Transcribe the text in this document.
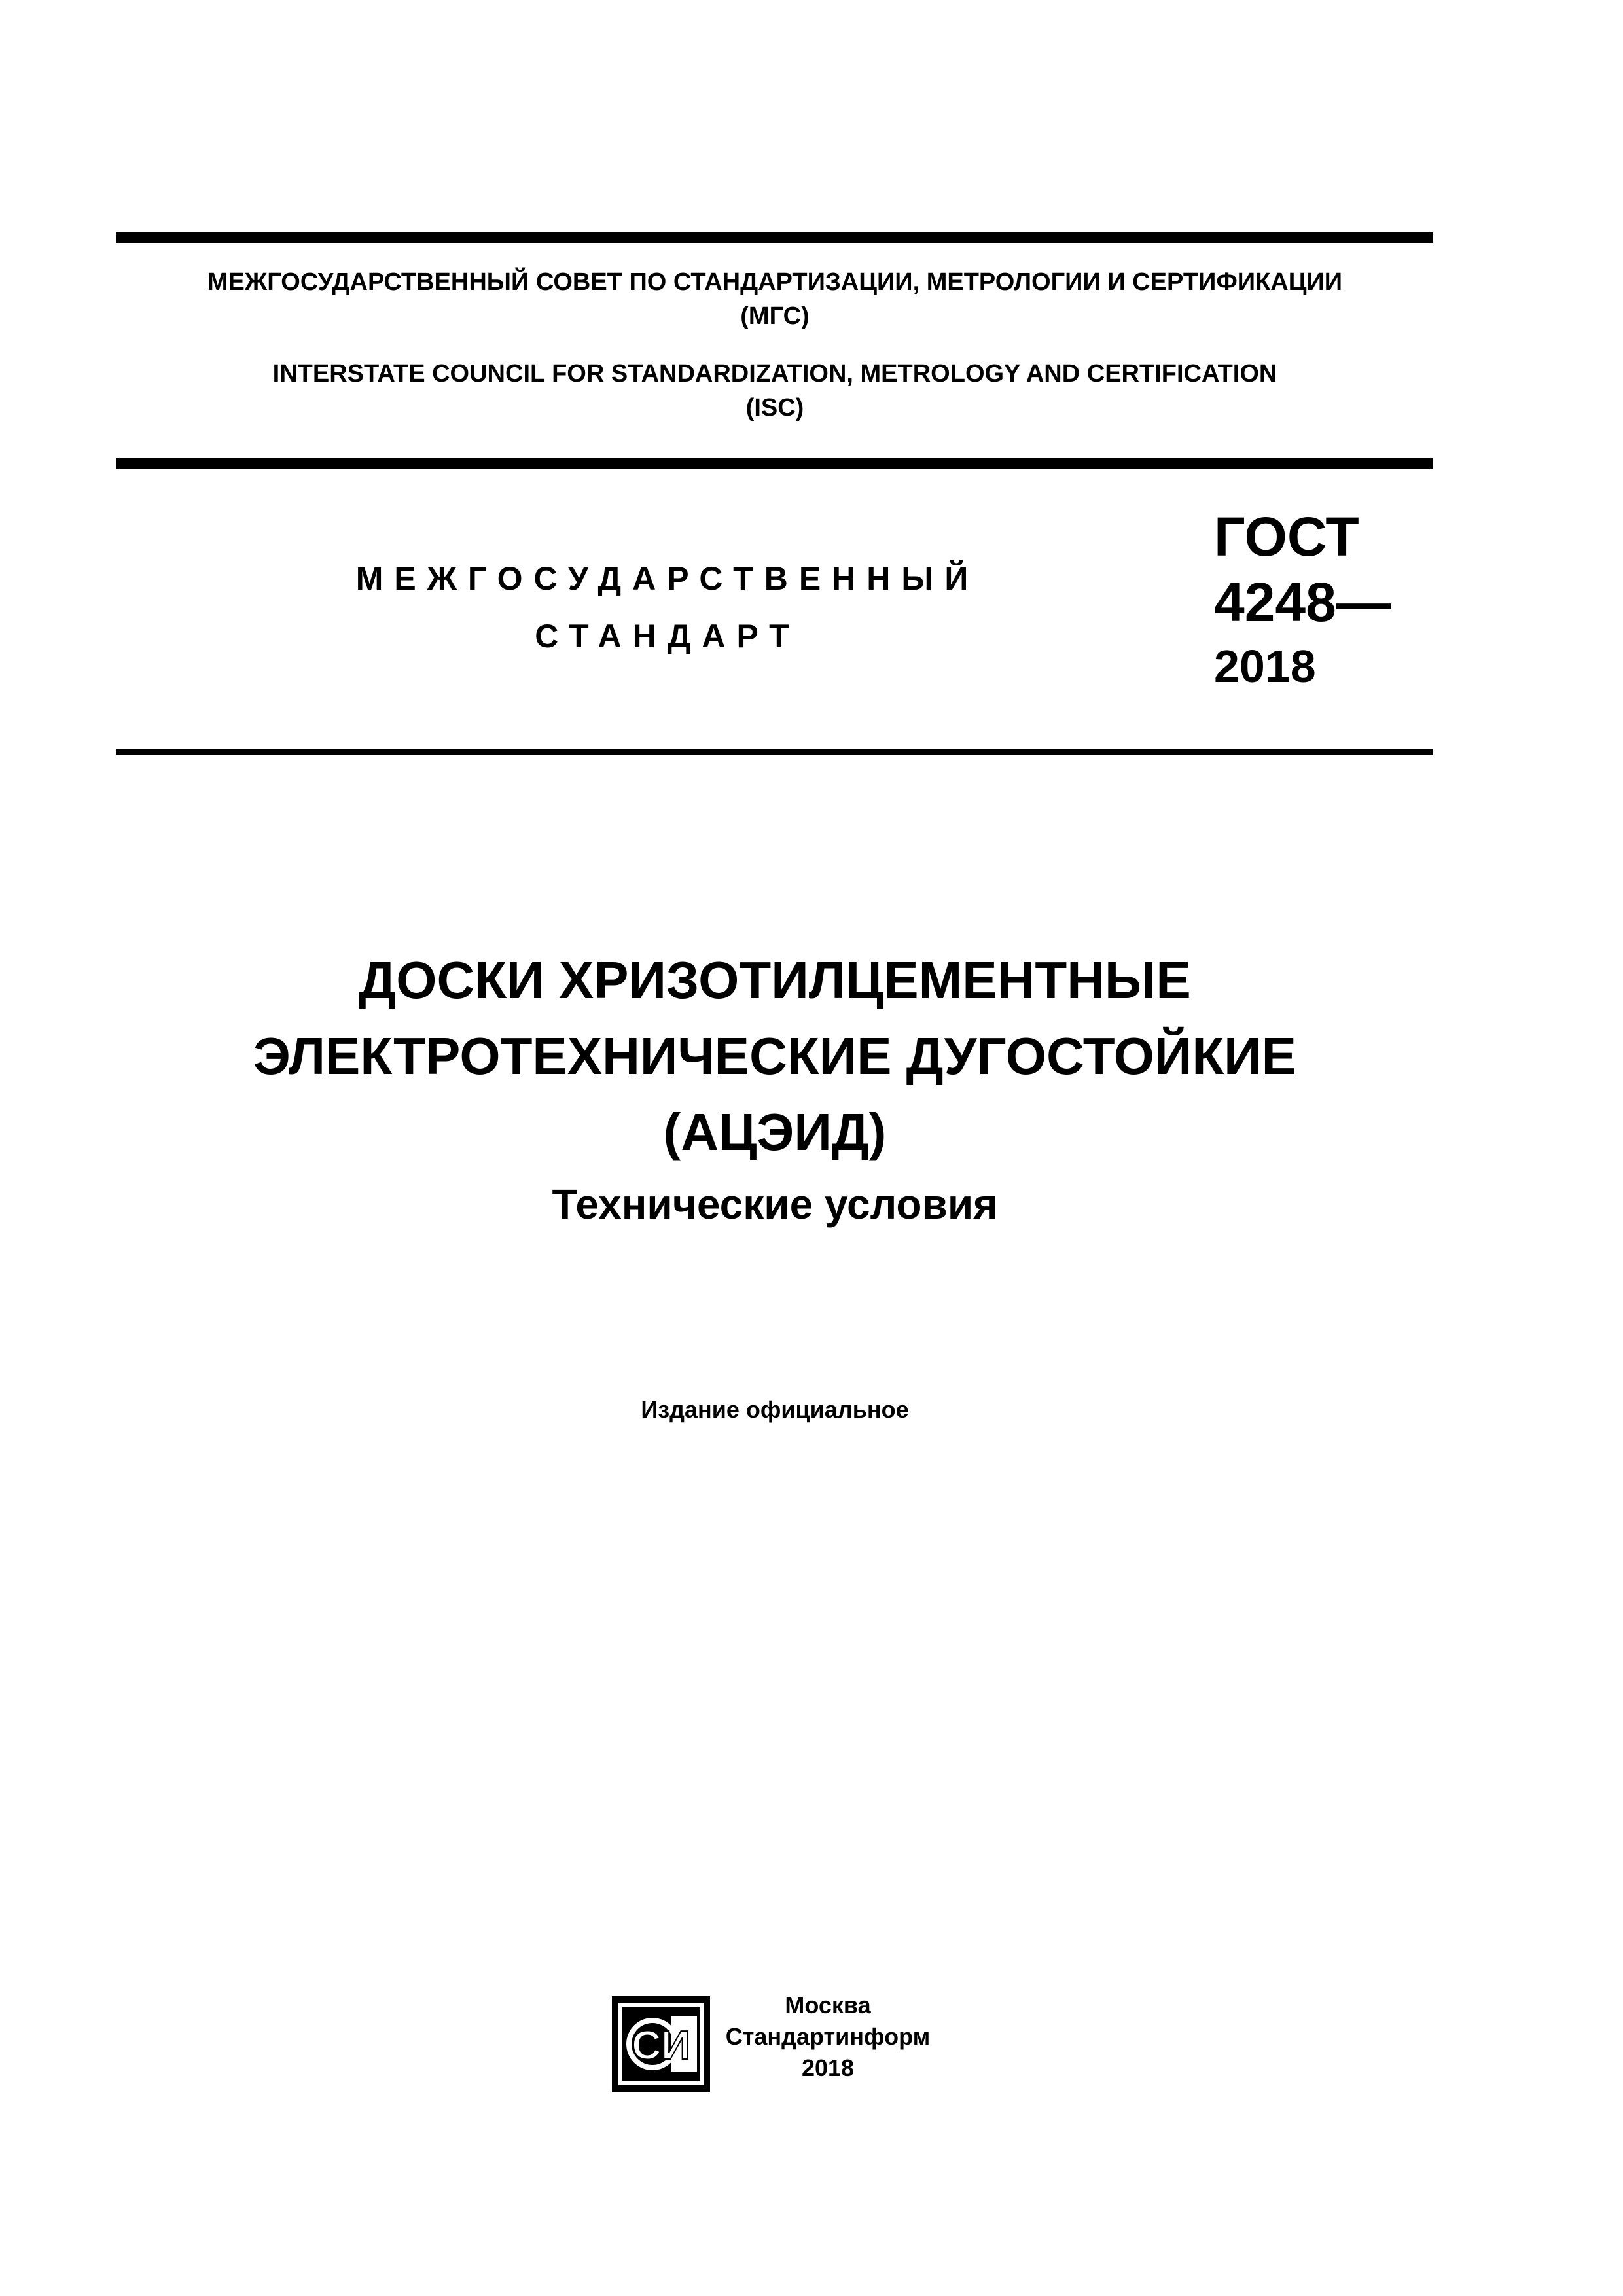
МЕЖГОСУДАРСТВЕННЫЙ СОВЕТ ПО СТАНДАРТИЗАЦИИ, МЕТРОЛОГИИ И СЕРТИФИКАЦИИ
(МГС)
INTERSTATE COUNCIL FOR STANDARDIZATION, METROLOGY AND CERTIFICATION
(ISC)
МЕЖГОСУДАРСТВЕННЫЙ
СТАНДАРТ
ГОСТ
4248—
2018
ДОСКИ ХРИЗОТИЛЦЕМЕНТНЫЕ
ЭЛЕКТРОТЕХНИЧЕСКИЕ ДУГОСТОЙКИЕ
(АЦЭИД)
Технические условия
Издание официальное
СИ
Москва
Стандартинформ
2018
